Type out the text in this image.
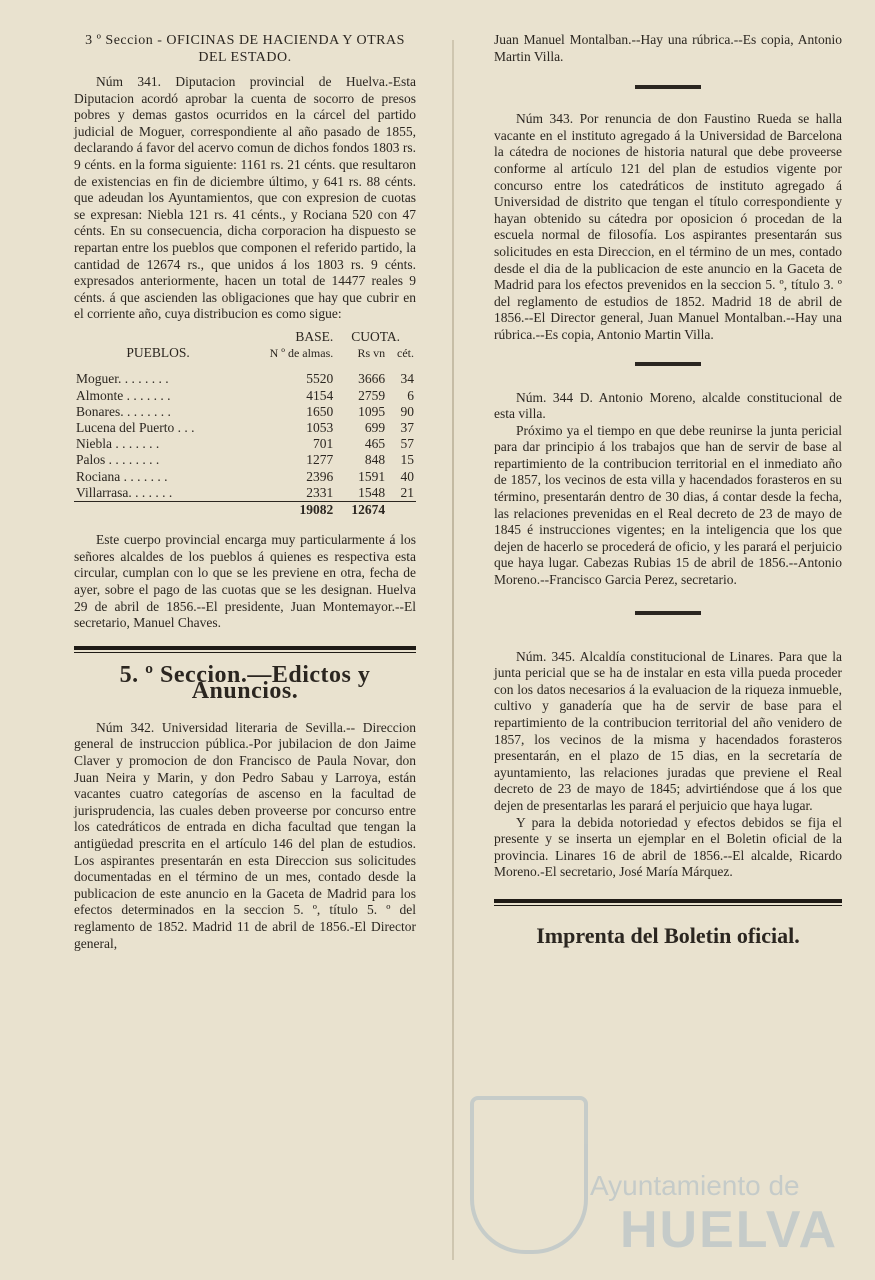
3 º Seccion - OFICINAS DE HACIENDA Y OTRAS DEL ESTADO.

Núm 341. Diputacion provincial de Huelva.-Esta Diputacion acordó aprobar la cuenta de socorro de presos pobres y demas gastos ocurridos en la cárcel del partido judicial de Moguer, correspondiente al año pasado de 1855, declarando á favor del acervo comun de dichos fondos 1803 rs. 9 cénts. en la forma siguiente: 1161 rs. 21 cénts. que resultaron de existencias en fin de diciembre último, y 641 rs. 88 cénts. que adeudan los Ayuntamientos, que con expresion de cuotas se expresan: Niebla 121 rs. 41 cénts., y Rociana 520 con 47 cénts. En su consecuencia, dicha corporacion ha dispuesto se repartan entre los pueblos que componen el referido partido, la cantidad de 12674 rs., que unidos á los 1803 rs. 9 cénts. expresados anteriormente, hacen un total de 14477 reales 9 cénts. á que ascienden las obligaciones que hay que cubrir en el corriente año, cuya distribucion es como sigue:

	BASE.	CUOTA.	
PUEBLOS.	N º de almas.	Rs vn	cét.

Moguer. . . . . . . .	5520	3666	34
Almonte . . . . . . .	4154	2759	6
Bonares. . . . . . . .	1650	1095	90
Lucena del Puerto . . .	1053	699	37
Niebla . . . . . . .	701	465	57
Palos . . . . . . . .	1277	848	15
Rociana . . . . . . .	2396	1591	40
Villarrasa. . . . . . .	2331	1548	21
	19082	12674	

Este cuerpo provincial encarga muy particularmente á los señores alcaldes de los pueblos á quienes es respectiva esta circular, cumplan con lo que se les previene en otra, fecha de ayer, sobre el pago de las cuotas que se les designan. Huelva 29 de abril de 1856.--El presidente, Juan Montemayor.--El secretario, Manuel Chaves.

5. º Seccion.—Edictos y Anuncios.

Núm 342. Universidad literaria de Sevilla.-- Direccion general de instruccion pública.-Por jubilacion de don Jaime Claver y promocion de don Francisco de Paula Novar, don Juan Neira y Marin, y don Pedro Sabau y Larroya, están vacantes cuatro categorías de ascenso en la facultad de jurisprudencia, las cuales deben proveerse por concurso entre los catedráticos de entrada en dicha facultad que tengan la antigüedad prescrita en el artículo 146 del plan de estudios. Los aspirantes presentarán en esta Direccion sus solicitudes documentadas en el término de un mes, contado desde la publicacion de este anuncio en la Gaceta de Madrid para los efectos determinados en la seccion 5. º, título 5. º del reglamento de 1852. Madrid 11 de abril de 1856.-El Director general,

Juan Manuel Montalban.--Hay una rúbrica.--Es copia, Antonio Martin Villa.

Núm 343. Por renuncia de don Faustino Rueda se halla vacante en el instituto agregado á la Universidad de Barcelona la cátedra de nociones de historia natural que debe proveerse conforme al artículo 121 del plan de estudios vigente por concurso entre los catedráticos de instituto agregado á Universidad de distrito que tengan el título correspondiente y hayan obtenido su cátedra por oposicion ó procedan de la escuela normal de filosofía. Los aspirantes presentarán sus solicitudes en esta Direccion, en el término de un mes, contado desde el dia de la publicacion de este anuncio en la Gaceta de Madrid para los efectos prevenidos en la seccion 5. º, título 3. º del reglamento de estudios de 1852. Madrid 18 de abril de 1856.--El Director general, Juan Manuel Montalban.--Hay una rúbrica.--Es copia, Antonio Martin Villa.

Núm. 344 D. Antonio Moreno, alcalde constitucional de esta villa.

Próximo ya el tiempo en que debe reunirse la junta pericial para dar principio á los trabajos que han de servir de base al repartimiento de la contribucion territorial en el inmediato año de 1857, los vecinos de esta villa y hacendados forasteros en su término, presentarán dentro de 30 dias, á contar desde la fecha, las relaciones prevenidas en el Real decreto de 23 de mayo de 1845 é instrucciones vigentes; en la inteligencia que los que dejen de hacerlo se procederá de oficio, y les parará el perjuicio que haya lugar. Cabezas Rubias 15 de abril de 1856.--Antonio Moreno.--Francisco Garcia Perez, secretario.

Núm. 345. Alcaldía constitucional de Linares. Para que la junta pericial que se ha de instalar en esta villa pueda proceder con los datos necesarios á la evaluacion de la riqueza inmueble, cultivo y ganadería que ha de servir de base para el repartimiento de la contribucion territorial del año venidero de 1857, los vecinos de la misma y hacendados forasteros presentarán, en el plazo de 15 dias, en la secretaría de ayuntamiento, las relaciones juradas que previene el Real decreto de 23 de mayo de 1845; advirtiéndose que á los que dejen de presentarlas les parará el perjuicio que haya lugar.

Y para la debida notoriedad y efectos debidos se fija el presente y se inserta un ejemplar en el Boletin oficial de la provincia. Linares 16 de abril de 1856.--El alcalde, Ricardo Moreno.-El secretario, José María Márquez.

Imprenta del Boletin oficial.
Ayuntamiento de
HUELVA
